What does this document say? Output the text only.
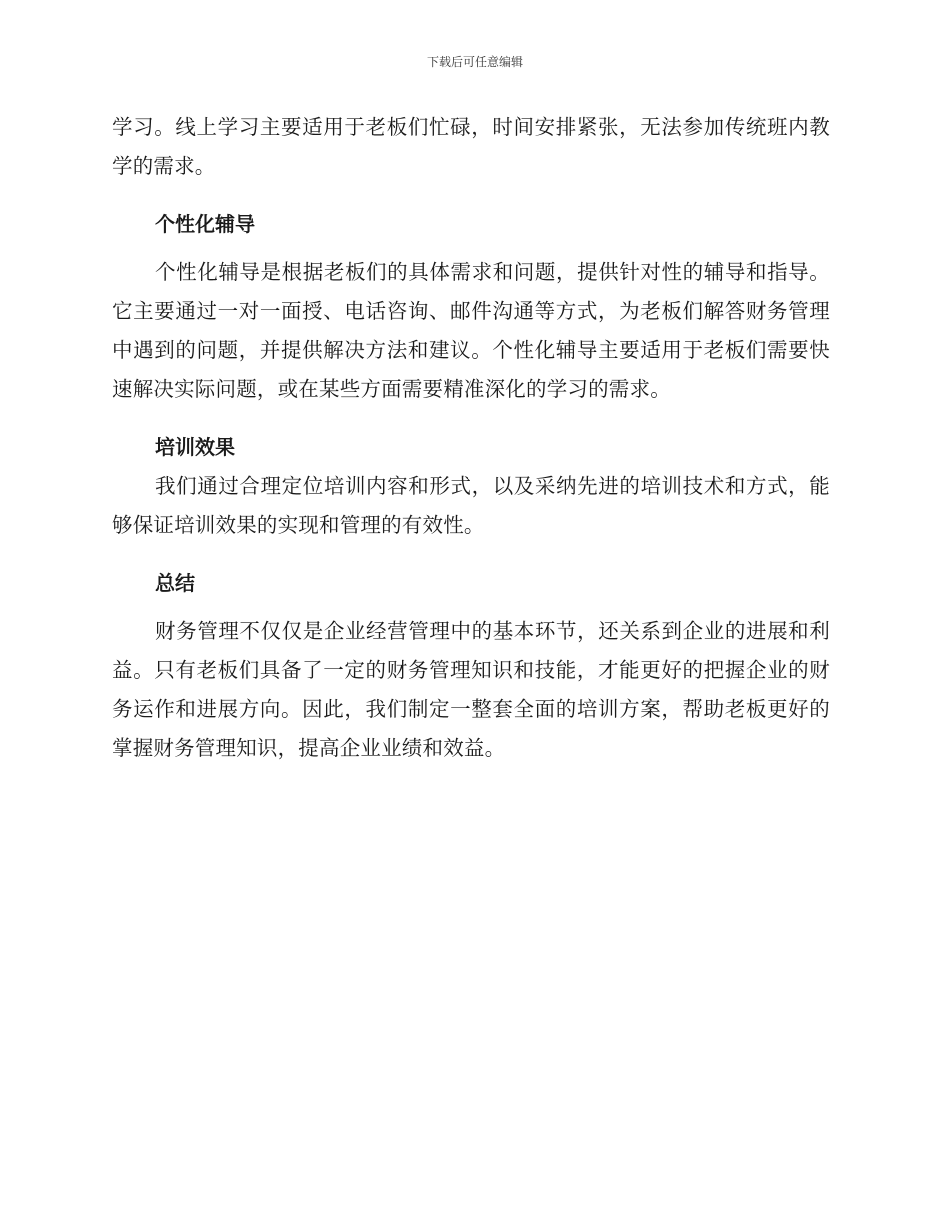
下载后可任意编辑

学习。线上学习主要适用于老板们忙碌，时间安排紧张，无法参加传统班内教学的需求。

个性化辅导

个性化辅导是根据老板们的具体需求和问题，提供针对性的辅导和指导。它主要通过一对一面授、电话咨询、邮件沟通等方式，为老板们解答财务管理中遇到的问题，并提供解决方法和建议。个性化辅导主要适用于老板们需要快速解决实际问题，或在某些方面需要精准深化的学习的需求。

培训效果

我们通过合理定位培训内容和形式，以及采纳先进的培训技术和方式，能够保证培训效果的实现和管理的有效性。

总结

财务管理不仅仅是企业经营管理中的基本环节，还关系到企业的进展和利益。只有老板们具备了一定的财务管理知识和技能，才能更好的把握企业的财务运作和进展方向。因此，我们制定一整套全面的培训方案，帮助老板更好的掌握财务管理知识，提高企业业绩和效益。
